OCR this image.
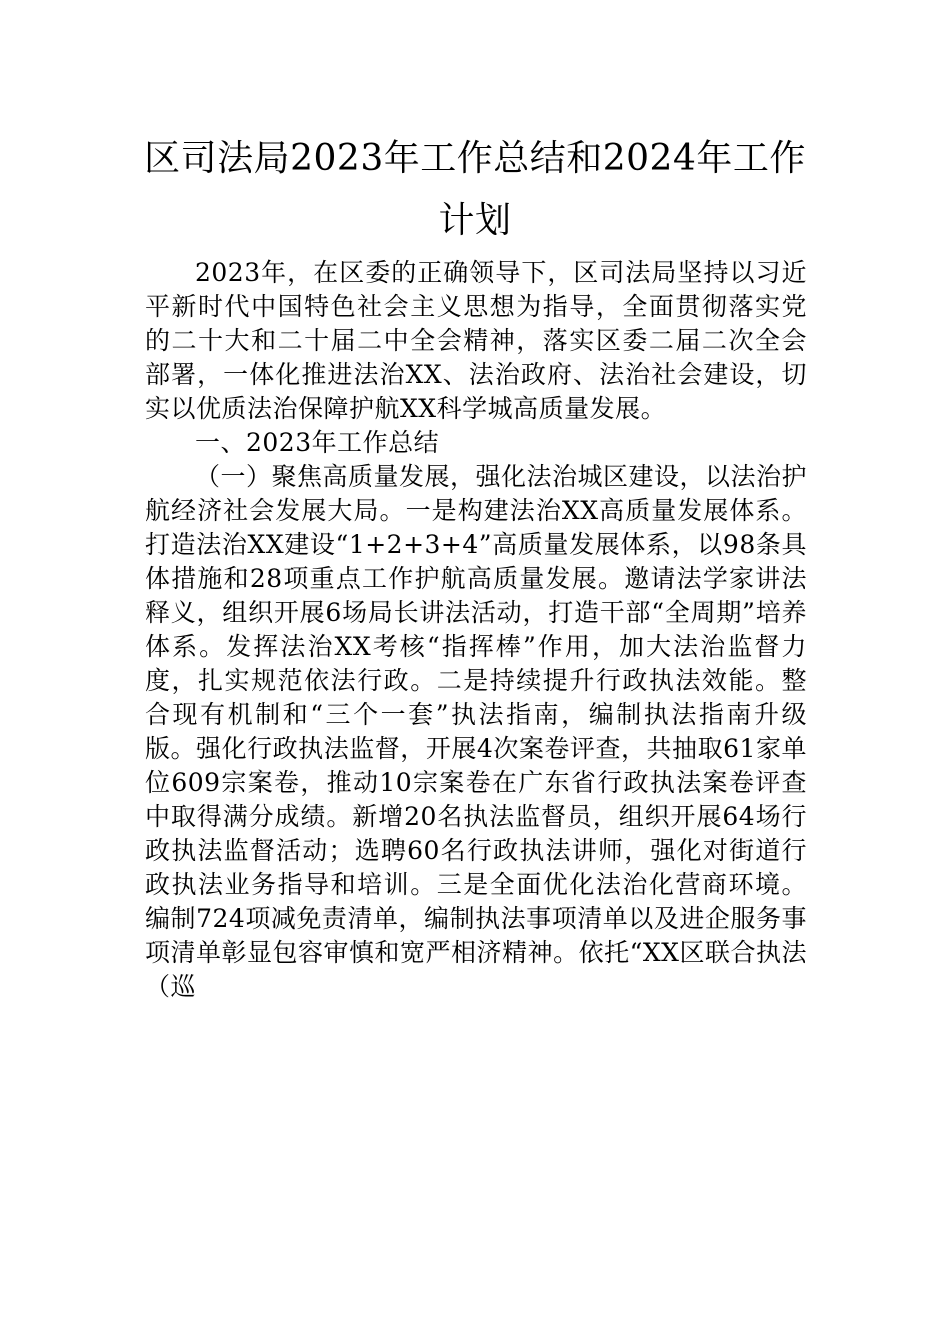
区司法局2023年工作总结和2024年工作计划

2023年，在区委的正确领导下，区司法局坚持以习近平新时代中国特色社会主义思想为指导，全面贯彻落实党的二十大和二十届二中全会精神，落实区委二届二次全会部署，一体化推进法治XX、法治政府、法治社会建设，切实以优质法治保障护航XX科学城高质量发展。

一、2023年工作总结

（一）聚焦高质量发展，强化法治城区建设，以法治护航经济社会发展大局。一是构建法治XX高质量发展体系。打造法治XX建设“1+2+3+4”高质量发展体系，以98条具体措施和28项重点工作护航高质量发展。邀请法学家讲法释义，组织开展6场局长讲法活动，打造干部“全周期”培养体系。发挥法治XX考核“指挥棒”作用，加大法治监督力度，扎实规范依法行政。二是持续提升行政执法效能。整合现有机制和“三个一套”执法指南，编制执法指南升级版。强化行政执法监督，开展4次案卷评查，共抽取61家单位609宗案卷，推动10宗案卷在广东省行政执法案卷评查中取得满分成绩。新增20名执法监督员，组织开展64场行政执法监督活动；选聘60名行政执法讲师，强化对街道行政执法业务指导和培训。三是全面优化法治化营商环境。编制724项减免责清单，编制执法事项清单以及进企服务事项清单彰显包容审慎和宽严相济精神。依托“XX区联合执法（巡
